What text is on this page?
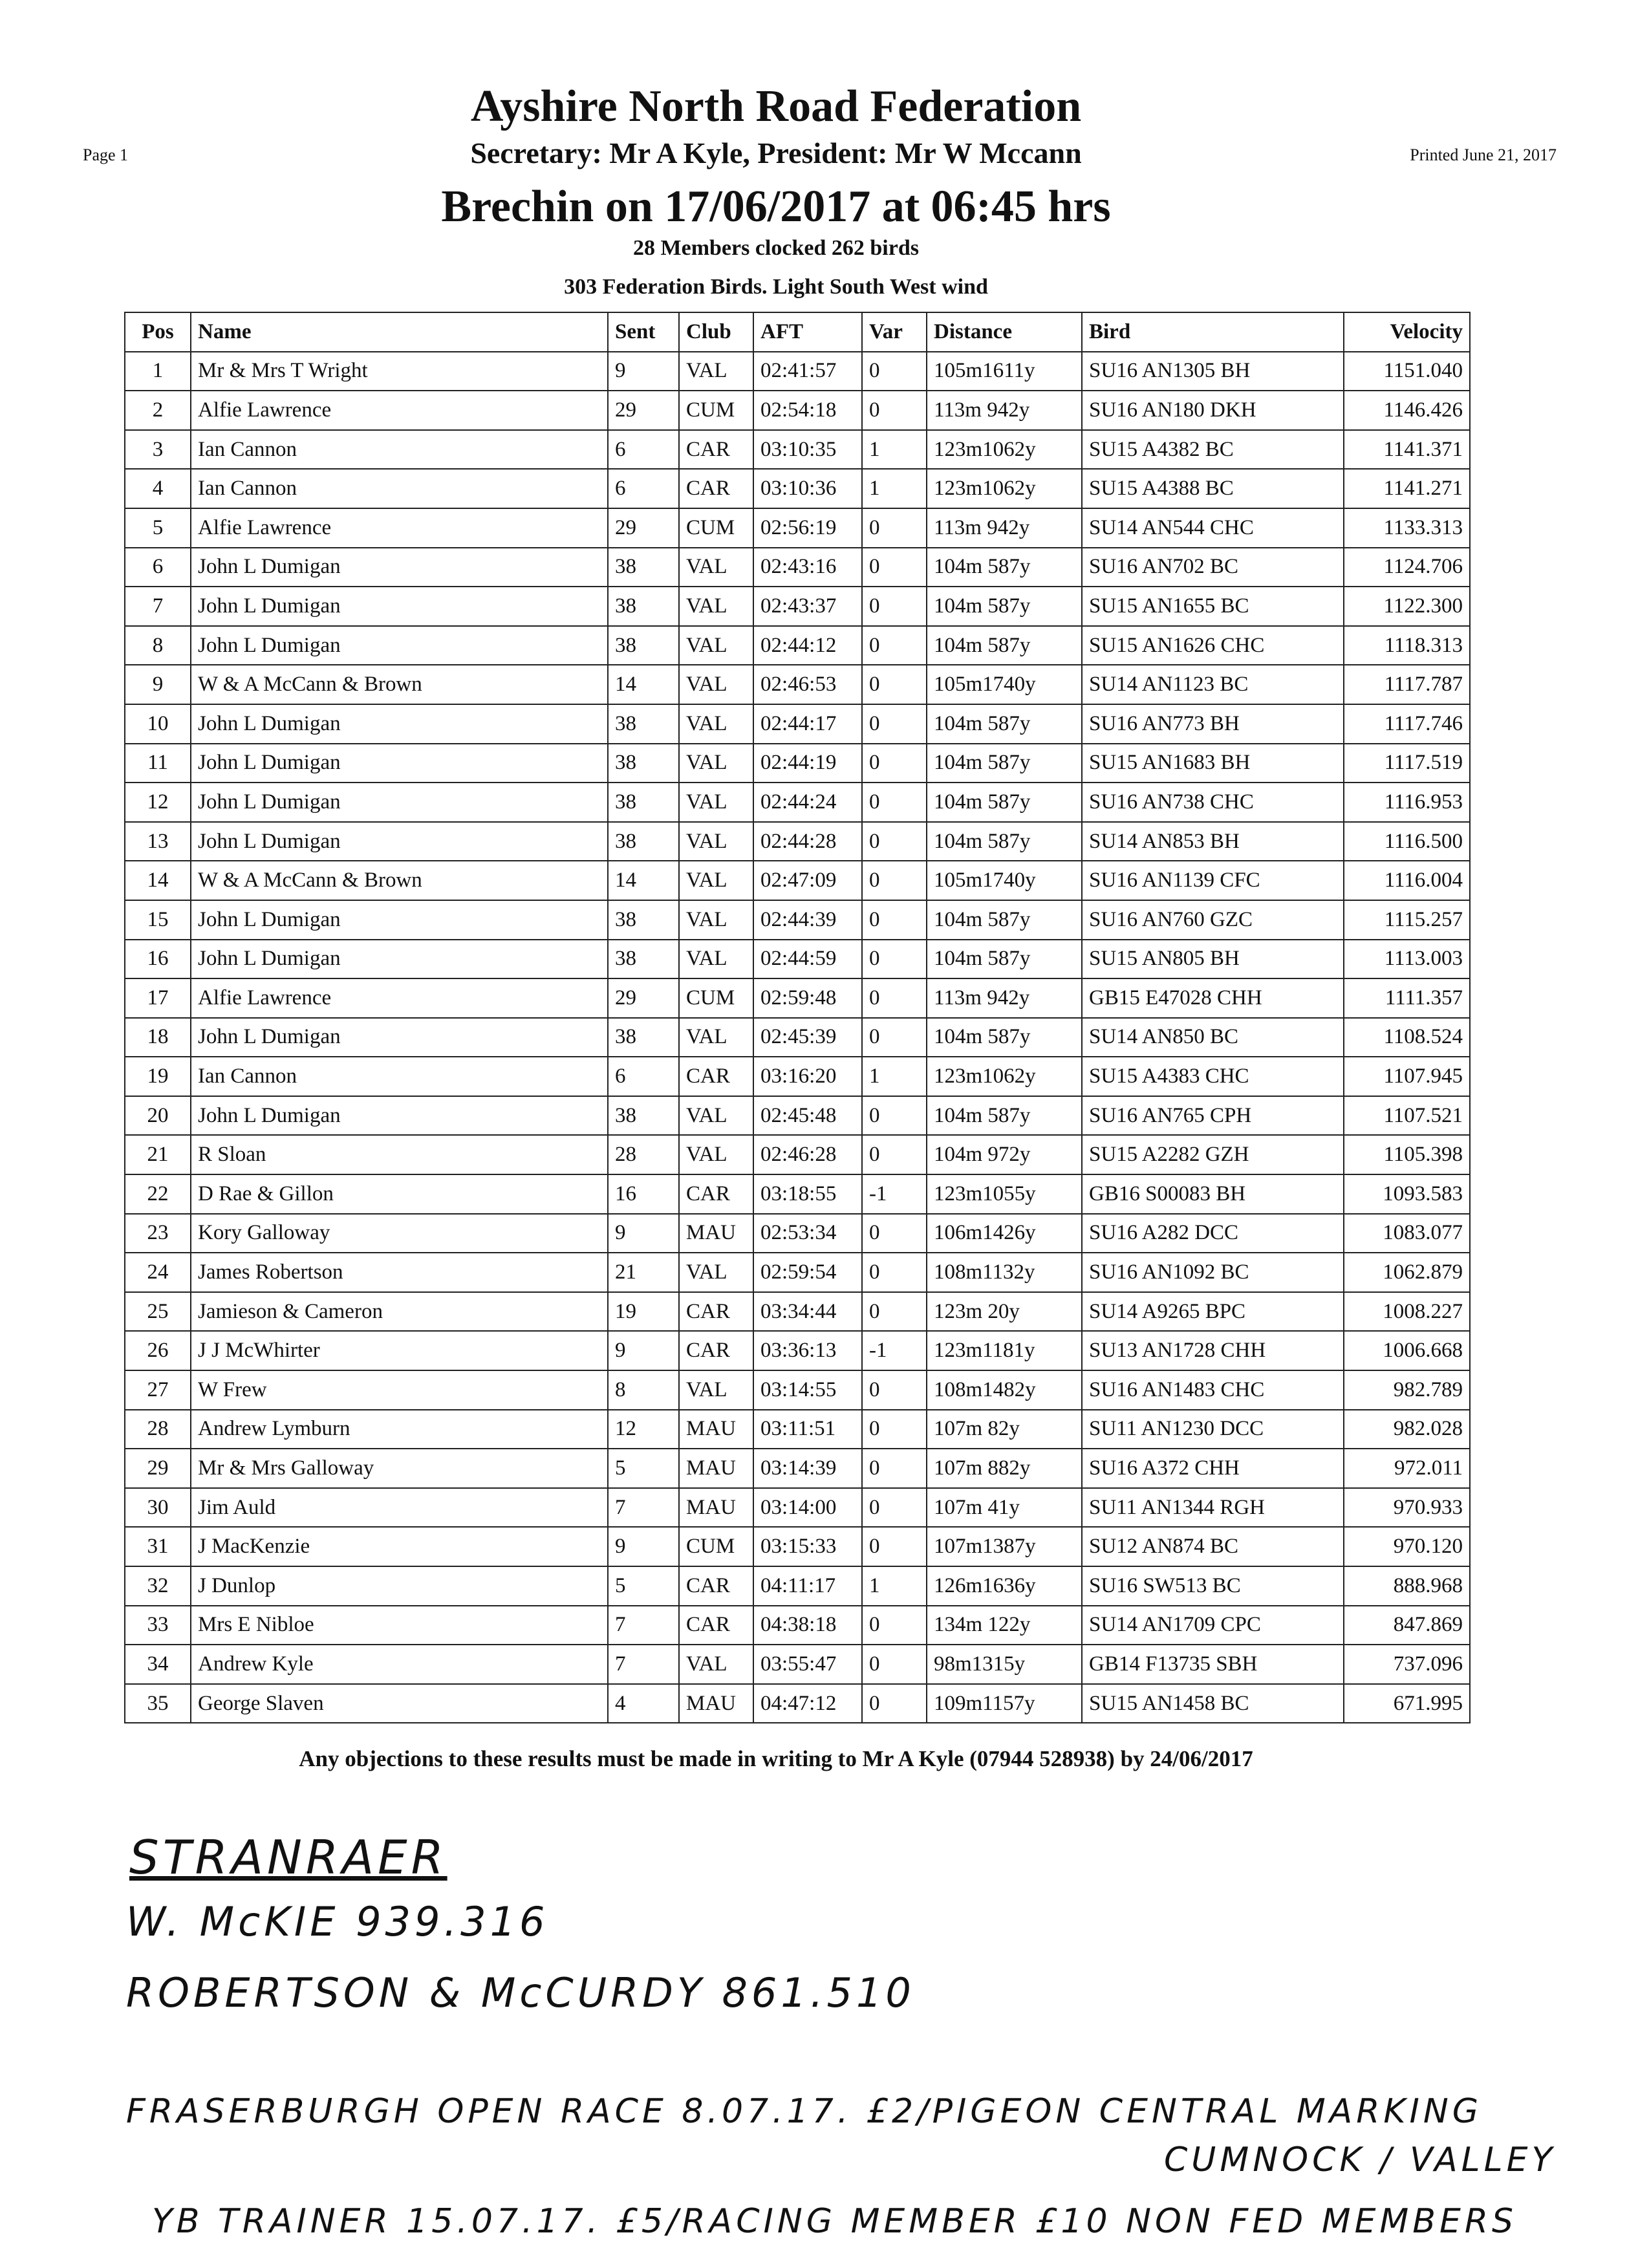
Page 1	Printed June 21, 2017
Ayshire North Road Federation
Secretary: Mr A Kyle, President: Mr W Mccann
Brechin on 17/06/2017 at 06:45 hrs
28 Members clocked 262 birds
303 Federation Birds. Light South West wind
Pos	Name	Sent	Club	AFT	Var	Distance	Bird	Velocity
1	Mr & Mrs T Wright	9	VAL	02:41:57	0	105m1611y	SU16 AN1305 BH	1151.040
2	Alfie Lawrence	29	CUM	02:54:18	0	113m 942y	SU16 AN180 DKH	1146.426
3	Ian Cannon	6	CAR	03:10:35	1	123m1062y	SU15 A4382 BC	1141.371
4	Ian Cannon	6	CAR	03:10:36	1	123m1062y	SU15 A4388 BC	1141.271
5	Alfie Lawrence	29	CUM	02:56:19	0	113m 942y	SU14 AN544 CHC	1133.313
6	John L Dumigan	38	VAL	02:43:16	0	104m 587y	SU16 AN702 BC	1124.706
7	John L Dumigan	38	VAL	02:43:37	0	104m 587y	SU15 AN1655 BC	1122.300
8	John L Dumigan	38	VAL	02:44:12	0	104m 587y	SU15 AN1626 CHC	1118.313
9	W & A McCann & Brown	14	VAL	02:46:53	0	105m1740y	SU14 AN1123 BC	1117.787
10	John L Dumigan	38	VAL	02:44:17	0	104m 587y	SU16 AN773 BH	1117.746
11	John L Dumigan	38	VAL	02:44:19	0	104m 587y	SU15 AN1683 BH	1117.519
12	John L Dumigan	38	VAL	02:44:24	0	104m 587y	SU16 AN738 CHC	1116.953
13	John L Dumigan	38	VAL	02:44:28	0	104m 587y	SU14 AN853 BH	1116.500
14	W & A McCann & Brown	14	VAL	02:47:09	0	105m1740y	SU16 AN1139 CFC	1116.004
15	John L Dumigan	38	VAL	02:44:39	0	104m 587y	SU16 AN760 GZC	1115.257
16	John L Dumigan	38	VAL	02:44:59	0	104m 587y	SU15 AN805 BH	1113.003
17	Alfie Lawrence	29	CUM	02:59:48	0	113m 942y	GB15 E47028 CHH	1111.357
18	John L Dumigan	38	VAL	02:45:39	0	104m 587y	SU14 AN850 BC	1108.524
19	Ian Cannon	6	CAR	03:16:20	1	123m1062y	SU15 A4383 CHC	1107.945
20	John L Dumigan	38	VAL	02:45:48	0	104m 587y	SU16 AN765 CPH	1107.521
21	R Sloan	28	VAL	02:46:28	0	104m 972y	SU15 A2282 GZH	1105.398
22	D Rae & Gillon	16	CAR	03:18:55	-1	123m1055y	GB16 S00083 BH	1093.583
23	Kory Galloway	9	MAU	02:53:34	0	106m1426y	SU16 A282 DCC	1083.077
24	James Robertson	21	VAL	02:59:54	0	108m1132y	SU16 AN1092 BC	1062.879
25	Jamieson & Cameron	19	CAR	03:34:44	0	123m 20y	SU14 A9265 BPC	1008.227
26	J J McWhirter	9	CAR	03:36:13	-1	123m1181y	SU13 AN1728 CHH	1006.668
27	W Frew	8	VAL	03:14:55	0	108m1482y	SU16 AN1483 CHC	982.789
28	Andrew Lymburn	12	MAU	03:11:51	0	107m 82y	SU11 AN1230 DCC	982.028
29	Mr & Mrs Galloway	5	MAU	03:14:39	0	107m 882y	SU16 A372 CHH	972.011
30	Jim Auld	7	MAU	03:14:00	0	107m 41y	SU11 AN1344 RGH	970.933
31	J MacKenzie	9	CUM	03:15:33	0	107m1387y	SU12 AN874 BC	970.120
32	J Dunlop	5	CAR	04:11:17	1	126m1636y	SU16 SW513 BC	888.968
33	Mrs E Nibloe	7	CAR	04:38:18	0	134m 122y	SU14 AN1709 CPC	847.869
34	Andrew Kyle	7	VAL	03:55:47	0	98m1315y	GB14 F13735 SBH	737.096
35	George Slaven	4	MAU	04:47:12	0	109m1157y	SU15 AN1458 BC	671.995
Any objections to these results must be made in writing to Mr A Kyle (07944 528938) by 24/06/2017
STRANRAER
W. McKIE 939.316
ROBERTSON & McCURDY 861.510
FRASERBURGH OPEN RACE 8.07.17. £2/PIGEON CENTRAL MARKING
CUMNOCK / VALLEY
YB TRAINER 15.07.17. £5/RACING MEMBER £10 NON FED MEMBERS
